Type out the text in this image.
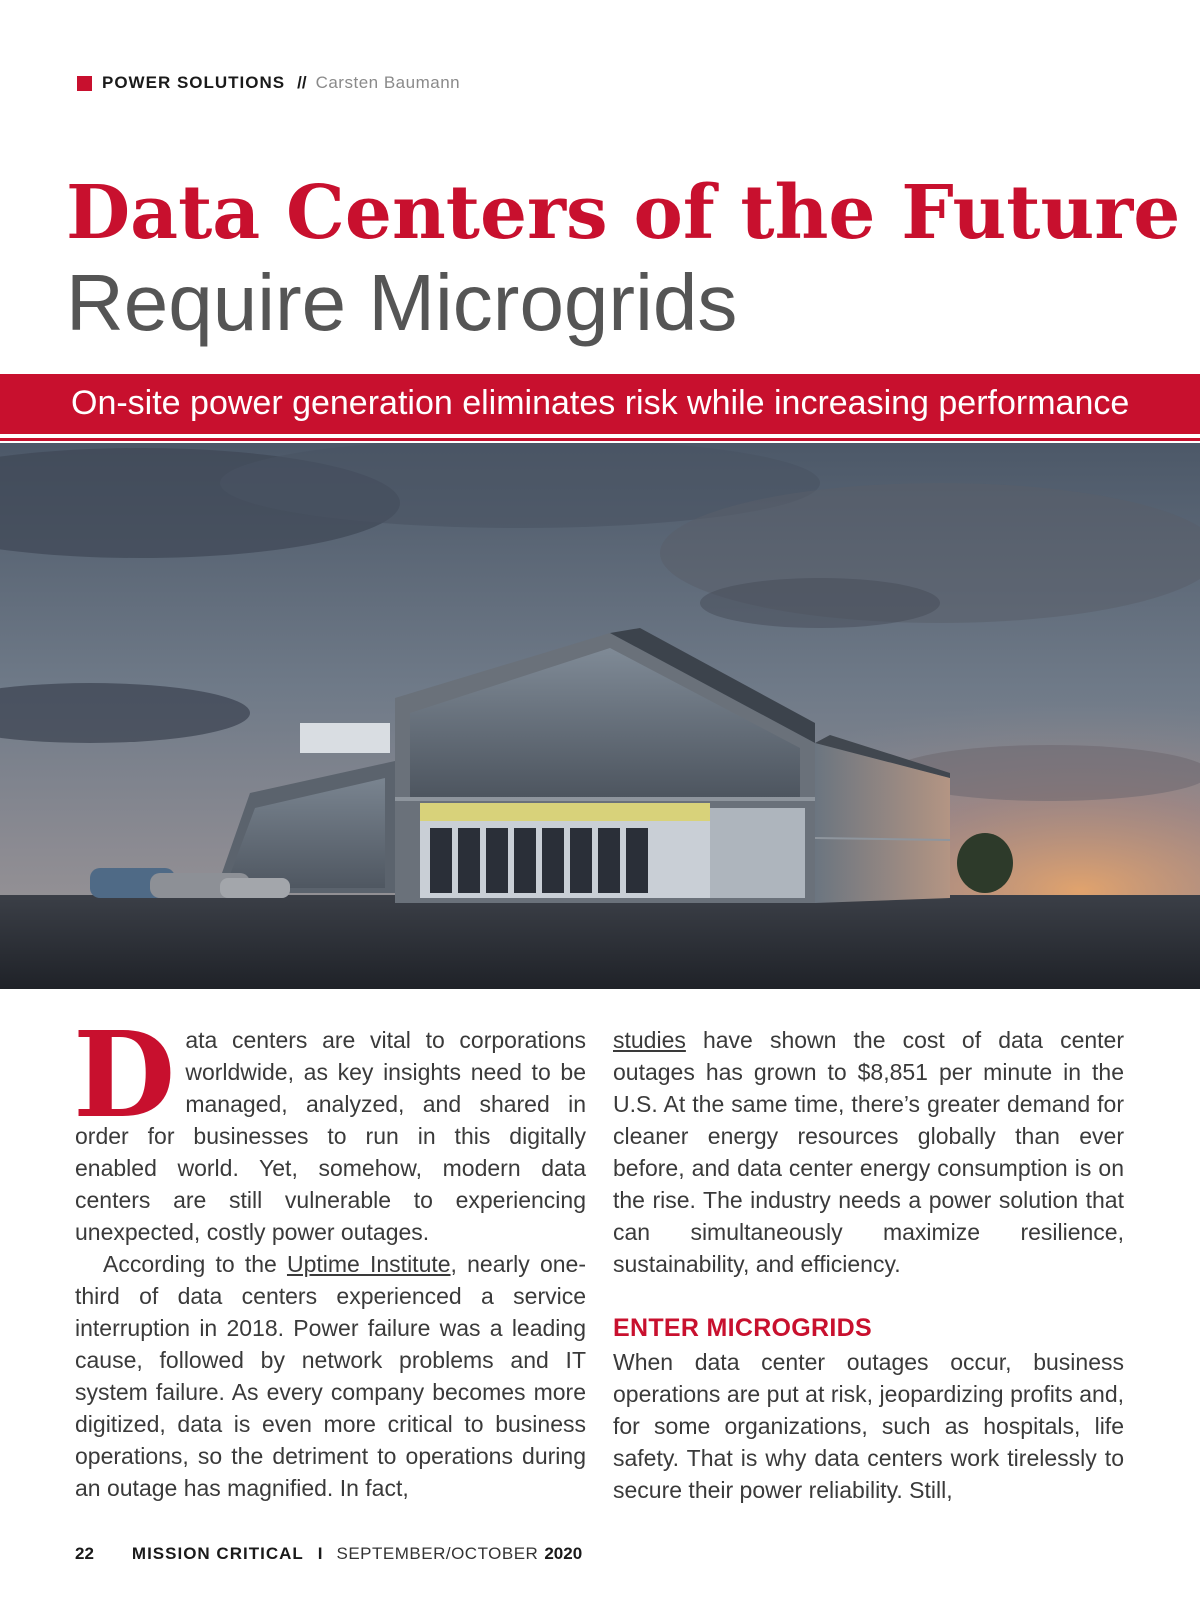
POWER SOLUTIONS // Carsten Baumann
Data Centers of the Future Require Microgrids
On-site power generation eliminates risk while increasing performance

Data centers are vital to corporations worldwide, as key insights need to be managed, analyzed, and shared in order for businesses to run in this digitally enabled world. Yet, somehow, modern data centers are still vulnerable to experiencing unexpected, costly power outages.

According to the Uptime Institute, nearly one-third of data centers experienced a service interruption in 2018. Power failure was a leading cause, followed by network problems and IT system failure. As every company becomes more digitized, data is even more critical to business operations, so the detriment to operations during an outage has magnified. In fact,

studies have shown the cost of data center outages has grown to $8,851 per minute in the U.S. At the same time, there’s greater demand for cleaner energy resources globally than ever before, and data center energy consumption is on the rise. The industry needs a power solution that can simultaneously maximize resilience, sustainability, and efficiency.

ENTER MICROGRIDS

When data center outages occur, business operations are put at risk, jeopardizing profits and, for some organizations, such as hospitals, life safety. That is why data centers work tirelessly to secure their power reliability. Still,

22 MISSION CRITICAL I SEPTEMBER/OCTOBER 2020
